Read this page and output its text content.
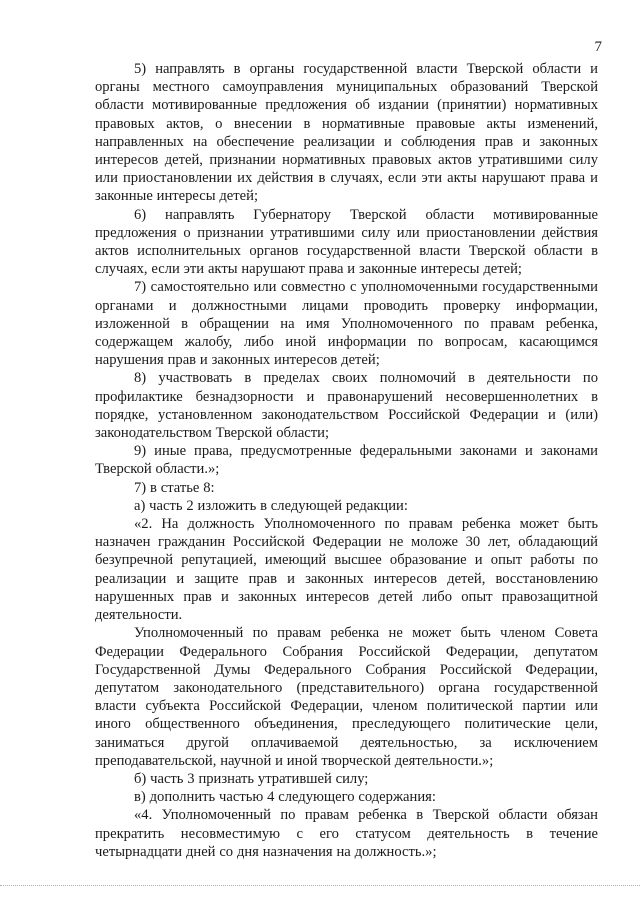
7

5) направлять в органы государственной власти Тверской области и органы местного самоуправления муниципальных образований Тверской области мотивированные предложения об издании (принятии) нормативных правовых актов, о внесении в нормативные правовые акты изменений, направленных на обеспечение реализации и соблюдения прав и законных интересов детей, признании нормативных правовых актов утратившими силу или приостановлении их действия в случаях, если эти акты нарушают права и законные интересы детей;

6) направлять Губернатору Тверской области мотивированные предложения о признании утратившими силу или приостановлении действия актов исполнительных органов государственной власти Тверской области в случаях, если эти акты нарушают права и законные интересы детей;

7) самостоятельно или совместно с уполномоченными государственными органами и должностными лицами проводить проверку информации, изложенной в обращении на имя Уполномоченного по правам ребенка, содержащем жалобу, либо иной информации по вопросам, касающимся нарушения прав и законных интересов детей;

8) участвовать в пределах своих полномочий в деятельности по профилактике безнадзорности и правонарушений несовершеннолетних в порядке, установленном законодательством Российской Федерации и (или) законодательством Тверской области;

9) иные права, предусмотренные федеральными законами и законами Тверской области.»;

7) в статье 8:

а) часть 2 изложить в следующей редакции:

«2. На должность Уполномоченного по правам ребенка может быть назначен гражданин Российской Федерации не моложе 30 лет, обладающий безупречной репутацией, имеющий высшее образование и опыт работы по реализации и защите прав и законных интересов детей, восстановлению нарушенных прав и законных интересов детей либо опыт правозащитной деятельности.

Уполномоченный по правам ребенка не может быть членом Совета Федерации Федерального Собрания Российской Федерации, депутатом Государственной Думы Федерального Собрания Российской Федерации, депутатом законодательного (представительного) органа государственной власти субъекта Российской Федерации, членом политической партии или иного общественного объединения, преследующего политические цели, заниматься другой оплачиваемой деятельностью, за исключением преподавательской, научной и иной творческой деятельности.»;

б) часть 3 признать утратившей силу;

в) дополнить частью 4 следующего содержания:

«4. Уполномоченный по правам ребенка в Тверской области обязан прекратить несовместимую с его статусом деятельность в течение четырнадцати дней со дня назначения на должность.»;
